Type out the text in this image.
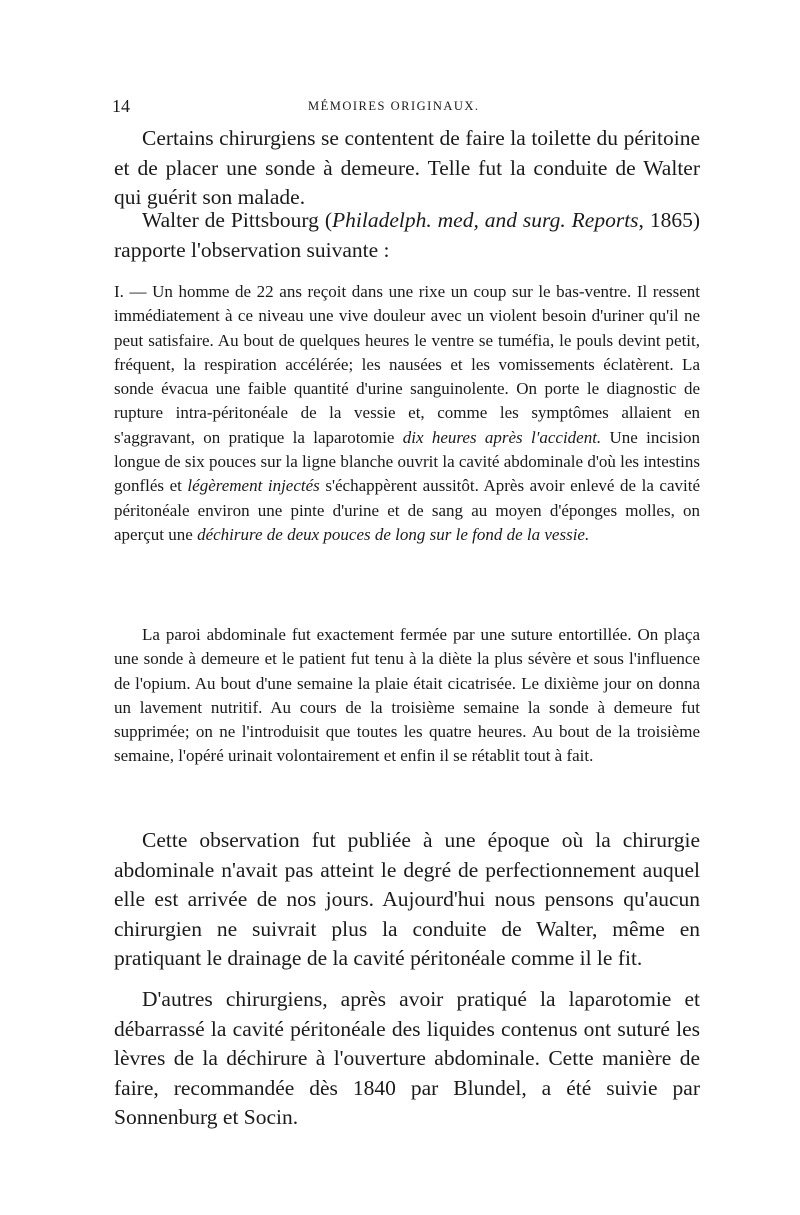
14	MÉMOIRES ORIGINAUX.

Certains chirurgiens se contentent de faire la toilette du péritoine et de placer une sonde à demeure. Telle fut la conduite de Walter qui guérit son malade.

Walter de Pittsbourg (Philadelph. med, and surg. Reports, 1865) rapporte l'observation suivante :

I. — Un homme de 22 ans reçoit dans une rixe un coup sur le bas-ventre. Il ressent immédiatement à ce niveau une vive douleur avec un violent besoin d'uriner qu'il ne peut satisfaire. Au bout de quelques heures le ventre se tuméfia, le pouls devint petit, fréquent, la respiration accélérée; les nausées et les vomissements éclatèrent. La sonde évacua une faible quantité d'urine sanguinolente. On porte le diagnostic de rupture intra-péritonéale de la vessie et, comme les symptômes allaient en s'aggravant, on pratique la laparotomie dix heures après l'accident. Une incision longue de six pouces sur la ligne blanche ouvrit la cavité abdominale d'où les intestins gonflés et légèrement injectés s'échappèrent aussitôt. Après avoir enlevé de la cavité péritonéale environ une pinte d'urine et de sang au moyen d'éponges molles, on aperçut une déchirure de deux pouces de long sur le fond de la vessie.

La paroi abdominale fut exactement fermée par une suture entortillée. On plaça une sonde à demeure et le patient fut tenu à la diète la plus sévère et sous l'influence de l'opium. Au bout d'une semaine la plaie était cicatrisée. Le dixième jour on donna un lavement nutritif. Au cours de la troisième semaine la sonde à demeure fut supprimée; on ne l'introduisit que toutes les quatre heures. Au bout de la troisième semaine, l'opéré urinait volontairement et enfin il se rétablit tout à fait.

Cette observation fut publiée à une époque où la chirurgie abdominale n'avait pas atteint le degré de perfectionnement auquel elle est arrivée de nos jours. Aujourd'hui nous pensons qu'aucun chirurgien ne suivrait plus la conduite de Walter, même en pratiquant le drainage de la cavité péritonéale comme il le fit.

D'autres chirurgiens, après avoir pratiqué la laparotomie et débarrassé la cavité péritonéale des liquides contenus ont suturé les lèvres de la déchirure à l'ouverture abdominale. Cette manière de faire, recommandée dès 1840 par Blundel, a été suivie par Sonnenburg et Socin.
